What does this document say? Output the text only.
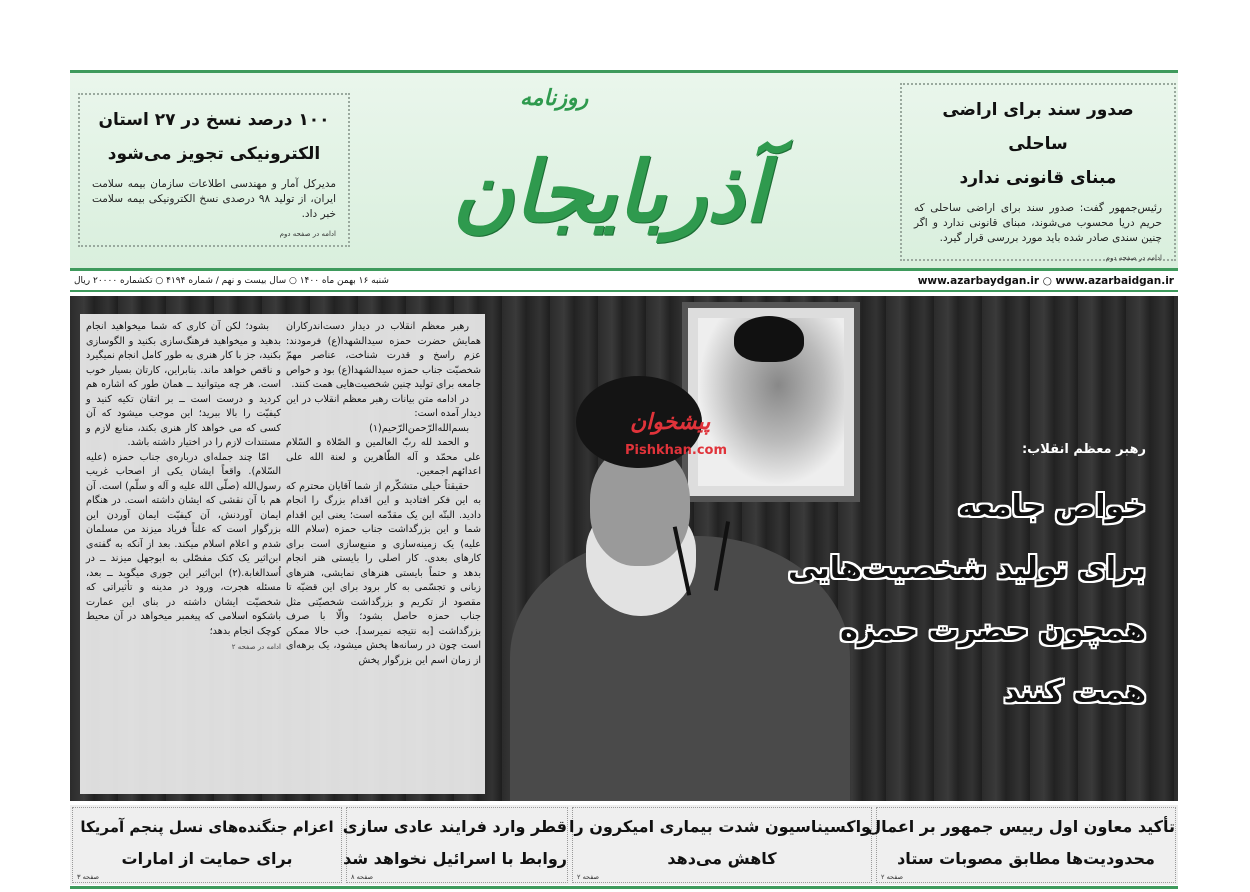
۱۰۰ درصد نسخ در ۲۷ استان
الکترونیکی تجویز می‌شود

مدیرکل آمار و مهندسی اطلاعات سازمان بیمه سلامت ایران، از تولید ۹۸ درصدی نسخ الکترونیکی بیمه سلامت خبر داد.

ادامه در صفحه دوم
روزنامه
آذربایجان
صدور سند برای اراضی ساحلی
مبنای قانونی ندارد

رئیس‌جمهور گفت: صدور سند برای اراضی ساحلی که حریم دریا محسوب می‌شوند، مبنای قانونی ندارد و اگر چنین سندی صادر شده باید مورد بررسی قرار گیرد.

ادامه در صفحه دوم
شنبه ۱۶ بهمن ماه ۱۴۰۰ ○ سال بیست و نهم / شماره ۴۱۹۴ ○ تکشماره ۲۰۰۰۰ ریال	www.azarbaydgan.ir ○ www.azarbaidgan.ir

رهبر معظم انقلاب در دیدار دست‌اندرکاران همایش حضرت حمزه سیدالشهدا(ع) فرمودند: عزم راسخ و قدرت شناخت، عناصر مهمّ شخصیّت جناب حمزه سیدالشهدا(ع) بود و خواص جامعه برای تولید چنین شخصیت‌هایی همت کنند.

در ادامه متن بیانات رهبر معظم انقلاب در این دیدار آمده است:

بسم‌الله‌الرّحمن‌الرّحیم(۱)

و الحمد لله ربّ العالمین و الصّلاة و السّلام علی محمّد و آله الطّاهرین و لعنة الله علی اعدائهم اجمعین.

حقیقتاً خیلی متشکّرم از شما آقایان محترم که به این فکر افتادید و این اقدام بزرگ را انجام دادید. البتّه این یک مقدّمه است؛ یعنی این اقدام شما و این بزرگداشت جناب حمزه (سلام الله علیه) یک زمینه‌سازی و منبع‌سازی است برای کارهای بعدی. کار اصلی را بایستی هنر انجام بدهد و حتماً بایستی هنرهای نمایشی، هنرهای زبانی و تجسّمی به کار برود برای این قضیّه تا مقصود از تکریم و بزرگداشت شخصیّتی مثل جناب حمزه حاصل بشود؛ والّا با صرف بزرگداشت [به نتیجه نمیرسد]. خب حالا ممکن است چون در رسانه‌ها پخش میشود، یک برهه‌ای از زمان اسم این بزرگوار پخش

بشود؛ لکن آن کاری که شما میخواهید انجام بدهید و میخواهید فرهنگ‌سازی بکنید و الگوسازی بکنید، جز با کار هنری به طور کامل انجام نمیگیرد و ناقص خواهد ماند. بنابراین، کارتان بسیار خوب است. هر چه میتوانید ــ همان طور که اشاره هم کردید و درست است ــ بر اتقان تکیه کنید و کیفیّت را بالا ببرید؛ این موجب میشود که آن کسی که می خواهد کار هنری بکند، منابع لازم و مستندات لازم را در اختیار داشته باشد.

امّا چند جمله‌ای درباره‌ی جناب حمزه (علیه السّلام). واقعاً ایشان یکی از اصحاب غریب رسول‌الله (صلّی الله علیه و آله و سلّم) است. آن هم با آن نقشی که ایشان داشته است. در هنگام ایمان آوردنش، آن کیفیّت ایمان آوردن این بزرگوار است که علناً فریاد میزند من مسلمان شدم و اعلام اسلام میکند. بعد از آنکه به گفته‌ی ابن‌اثیر یک کتک مفصّلی به ابوجهل میزند ــ در اُسدالغابة.(۲) ابن‌اثیر این جوری میگوید ــ بعد، مسئله هجرت، ورود در مدینه و تأثیراتی که شخصیّت ایشان داشته در بنای این عمارت باشکوه اسلامی که پیغمبر میخواهد در آن محیط کوچک انجام بدهد؛

ادامه در صفحه ۲
رهبر معظم انقلاب:
خواص جامعه
برای تولید شخصیت‌هایی
همچون حضرت حمزه
همت کنند
پیشخوان
Pishkhan.com
تأکید معاون اول رییس جمهور بر اعمال
محدودیت‌ها مطابق مصوبات ستاد
صفحه ۲
واکسیناسیون شدت بیماری امیکرون را
کاهش می‌دهد
صفحه ۲
قطر وارد فرایند عادی سازی
روابط با اسرائیل نخواهد شد
صفحه ۸
اعزام جنگنده‌های نسل پنجم آمریکا
برای حمایت از امارات
صفحه ۳
